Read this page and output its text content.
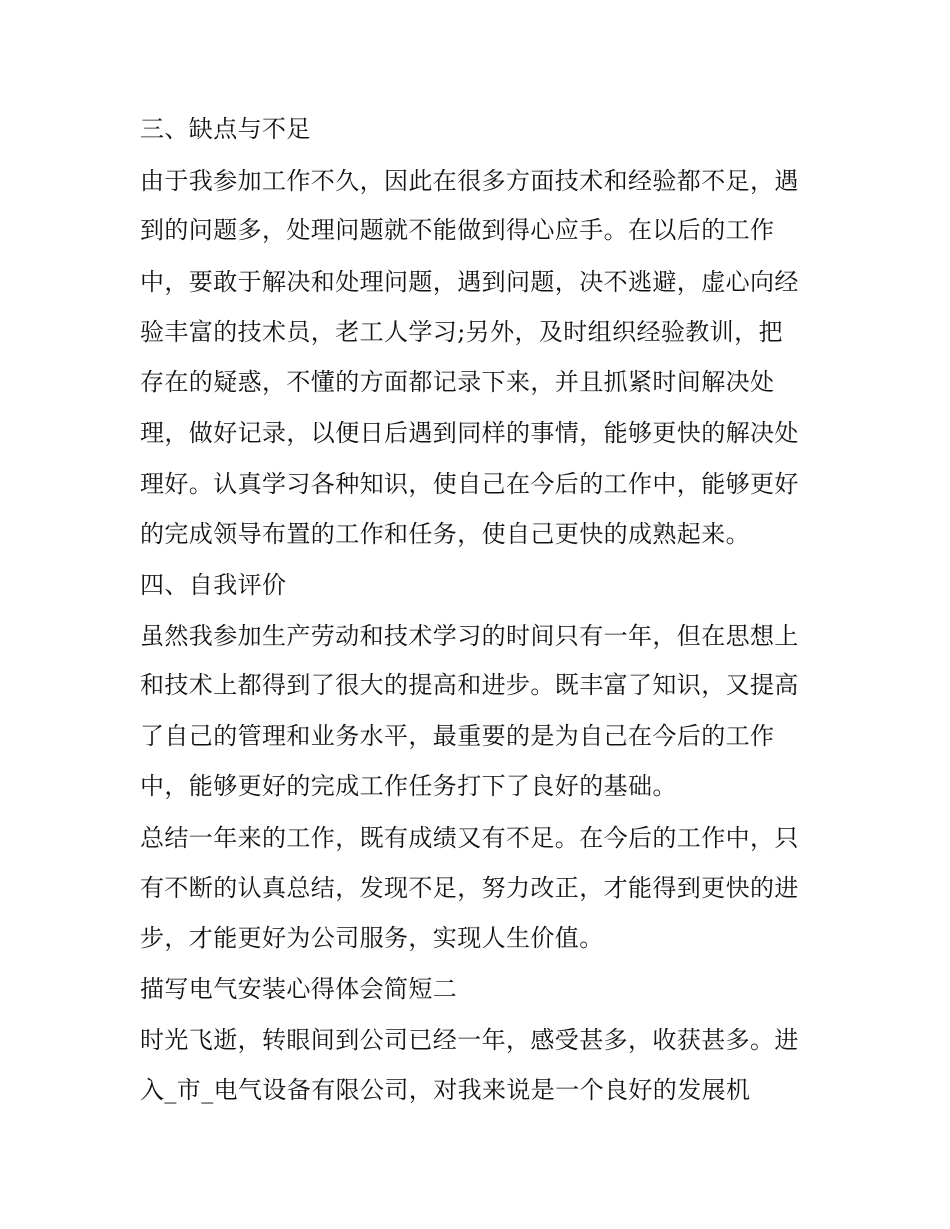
三、缺点与不足
由于我参加工作不久，因此在很多方面技术和经验都不足，遇
到的问题多，处理问题就不能做到得心应手。在以后的工作
中，要敢于解决和处理问题，遇到问题，决不逃避，虚心向经
验丰富的技术员，老工人学习;另外，及时组织经验教训，把
存在的疑惑，不懂的方面都记录下来，并且抓紧时间解决处
理，做好记录，以便日后遇到同样的事情，能够更快的解决处
理好。认真学习各种知识，使自己在今后的工作中，能够更好
的完成领导布置的工作和任务，使自己更快的成熟起来。
四、自我评价
虽然我参加生产劳动和技术学习的时间只有一年，但在思想上
和技术上都得到了很大的提高和进步。既丰富了知识，又提高
了自己的管理和业务水平，最重要的是为自己在今后的工作
中，能够更好的完成工作任务打下了良好的基础。
总结一年来的工作，既有成绩又有不足。在今后的工作中，只
有不断的认真总结，发现不足，努力改正，才能得到更快的进
步，才能更好为公司服务，实现人生价值。
描写电气安装心得体会简短二
时光飞逝，转眼间到公司已经一年，感受甚多，收获甚多。进
入_市_电气设备有限公司，对我来说是一个良好的发展机
